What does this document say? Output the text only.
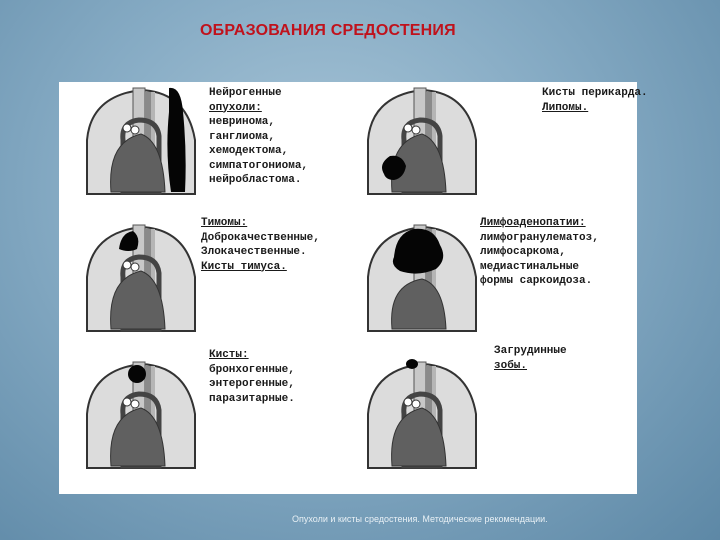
ОБРАЗОВАНИЯ СРЕДОСТЕНИЯ
Нейрогенные
опухоли:
невринома,
ганглиома,
хемодектома,
симпатогониома,
нейробластома.
Кисты перикарда.
Липомы.
Тимомы:
Доброкачественные,
Злокачественные.
Кисты тимуса.
Лимфоаденопатии:
лимфогранулематоз,
лимфосаркома,
медиастинальные
формы саркоидоза.
Кисты:
бронхогенные,
энтерогенные,
паразитарные.
Загрудинные
зобы.
Опухоли и кисты средостения. Методические рекомендации.
